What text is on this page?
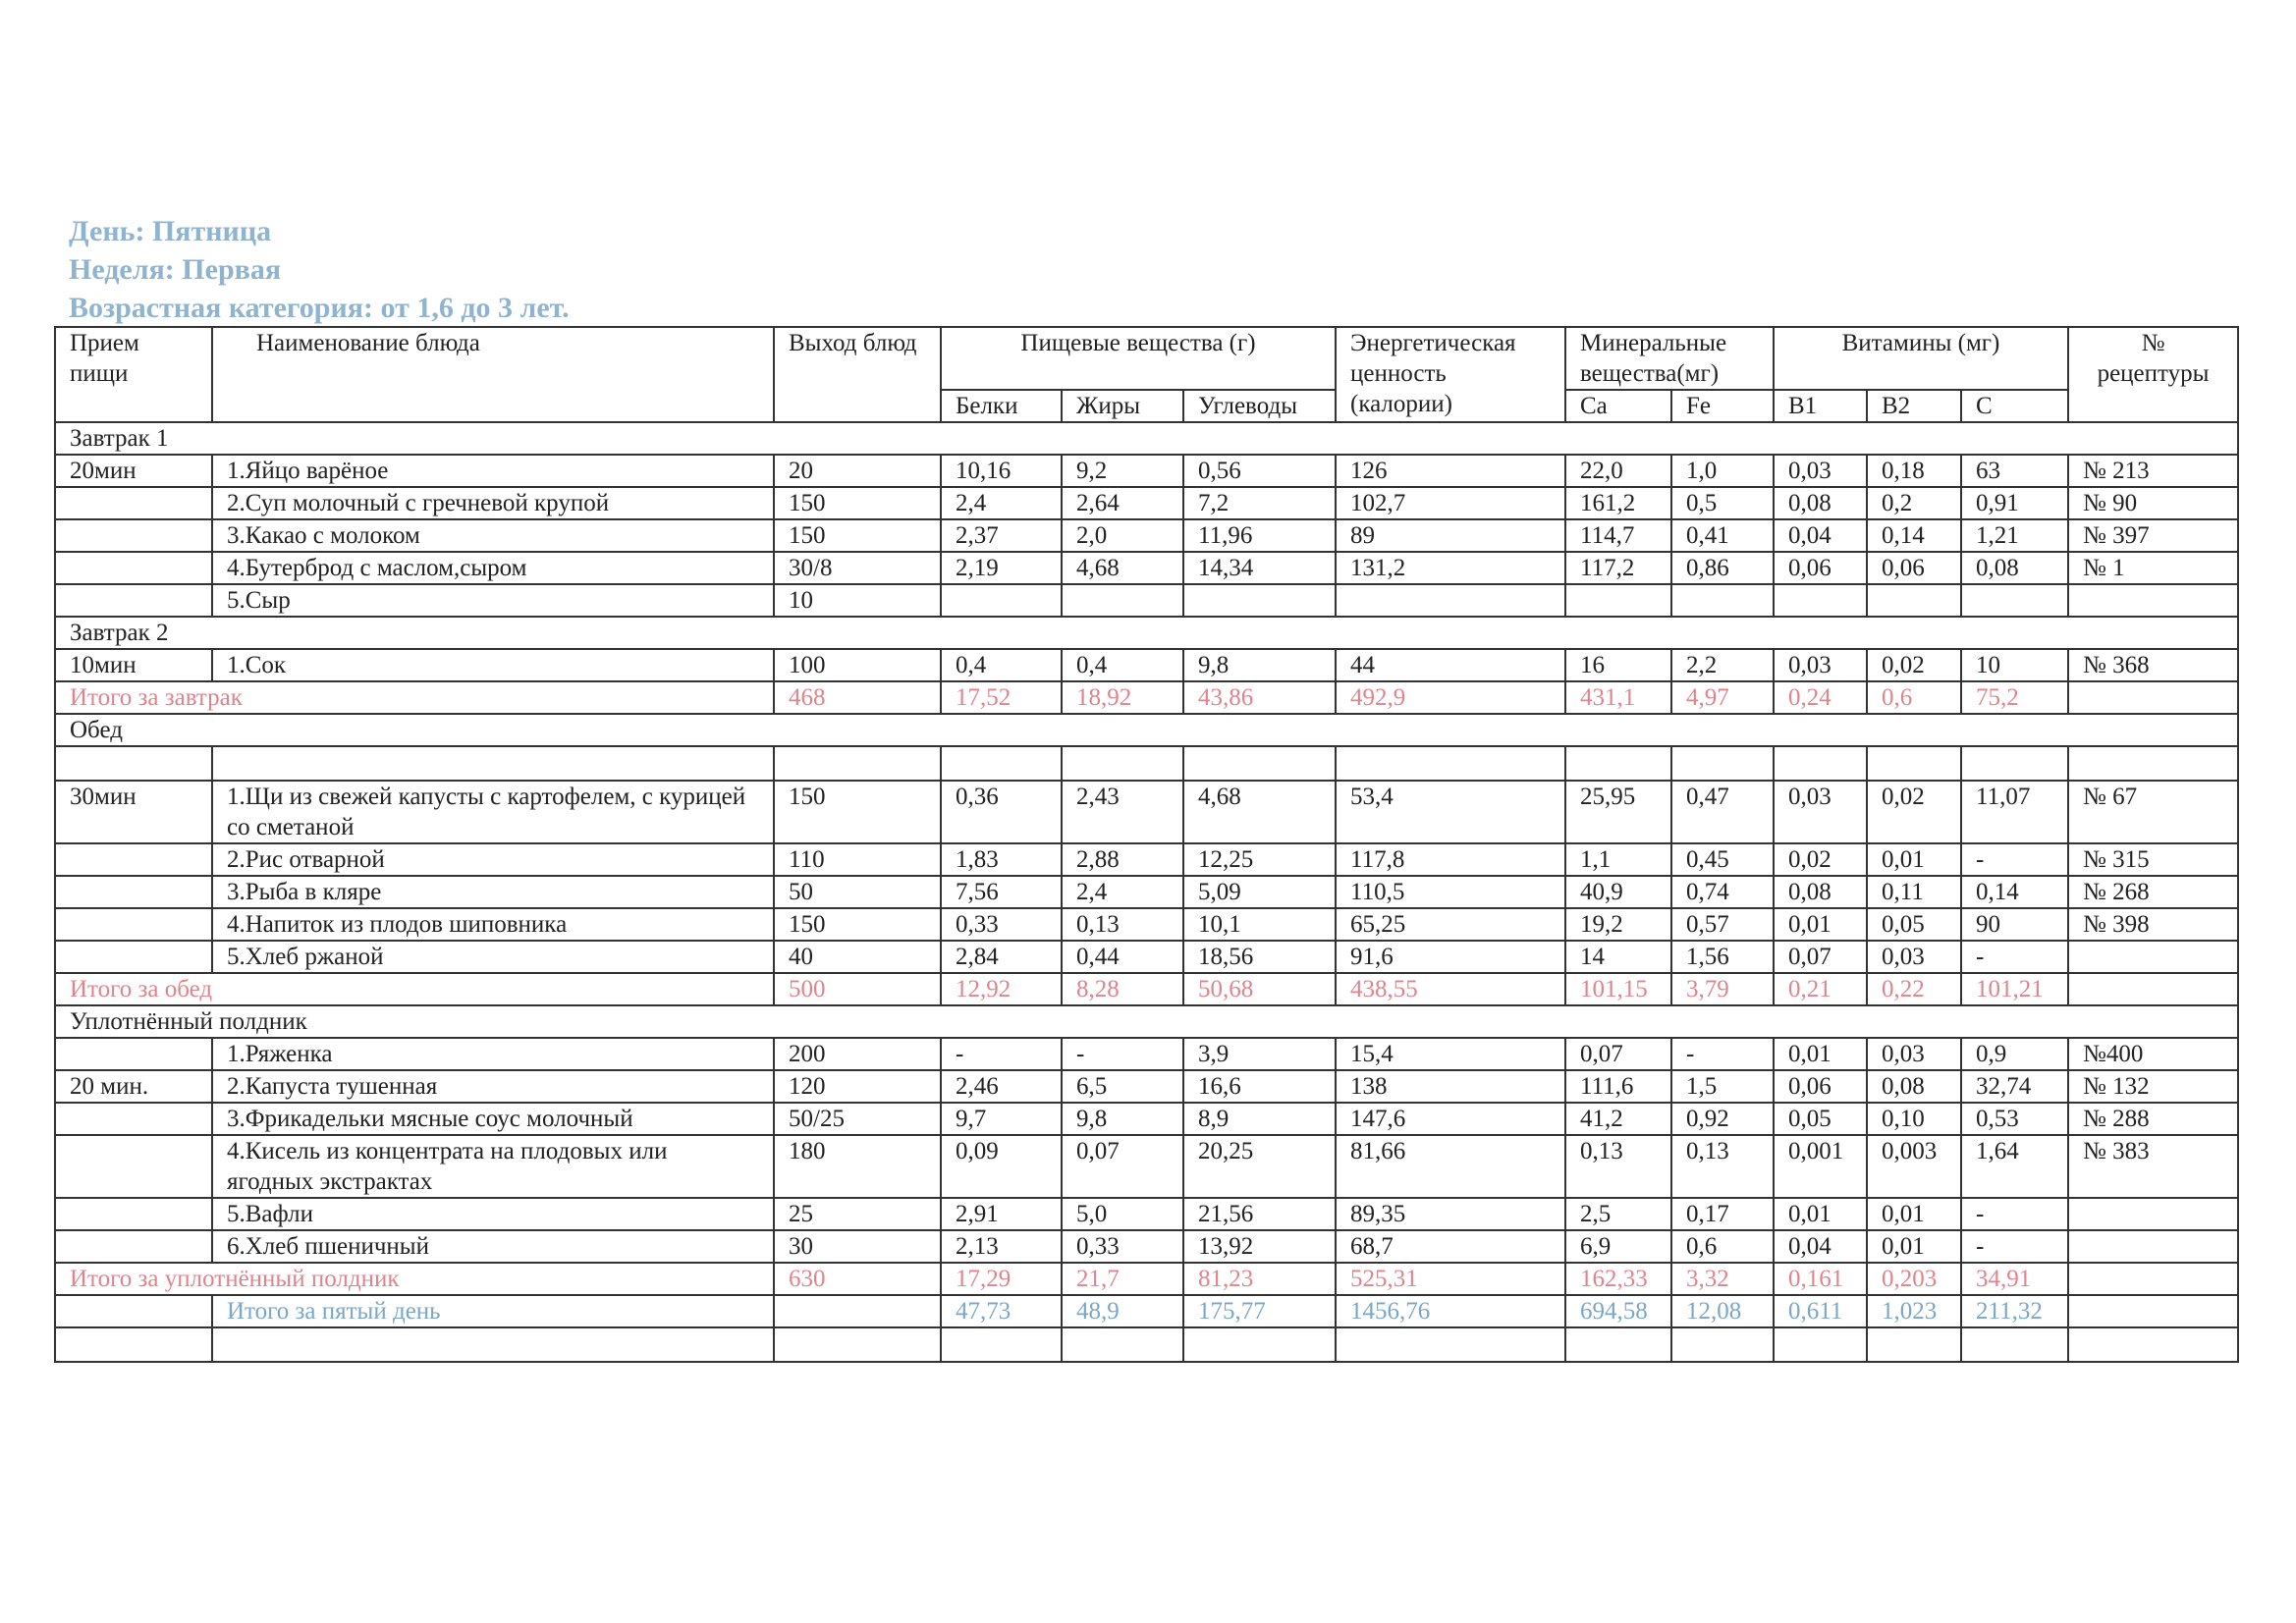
День: Пятница
Неделя: Первая
Возрастная категория: от 1,6 до 3 лет.
Прием пищи	Наименование блюда	Выход блюд	Пищевые вещества (г)			Энергетическая ценность (калории)	Минеральные вещества(мг)		Витамины (мг)			№ рецептуры
			Белки	Жиры	Углеводы		Ca	Fe	В1	В2	С	
Завтрак 1												
20мин	1.Яйцо варёное	20	10,16	9,2	0,56	126	22,0	1,0	0,03	0,18	63	№ 213
	2.Суп молочный с гречневой крупой	150	2,4	2,64	7,2	102,7	161,2	0,5	0,08	0,2	0,91	№ 90
	3.Какао с молоком	150	2,37	2,0	11,96	89	114,7	0,41	0,04	0,14	1,21	№ 397
	4.Бутерброд с маслом,сыром	30/8	2,19	4,68	14,34	131,2	117,2	0,86	0,06	0,06	0,08	№ 1
	5.Сыр	10										
Завтрак 2												
10мин	1.Сок	100	0,4	0,4	9,8	44	16	2,2	0,03	0,02	10	№ 368
Итого за завтрак		468	17,52	18,92	43,86	492,9	431,1	4,97	0,24	0,6	75,2	
Обед												

30мин	1.Щи из свежей капусты с картофелем, с курицей со сметаной	150	0,36	2,43	4,68	53,4	25,95	0,47	0,03	0,02	11,07	№ 67
	2.Рис отварной	110	1,83	2,88	12,25	117,8	1,1	0,45	0,02	0,01	-	№ 315
	3.Рыба в кляре	50	7,56	2,4	5,09	110,5	40,9	0,74	0,08	0,11	0,14	№ 268
	4.Напиток из плодов шиповника	150	0,33	0,13	10,1	65,25	19,2	0,57	0,01	0,05	90	№ 398
	5.Хлеб ржаной	40	2,84	0,44	18,56	91,6	14	1,56	0,07	0,03	-	
Итого за обед		500	12,92	8,28	50,68	438,55	101,15	3,79	0,21	0,22	101,21	
Уплотнённый полдник												
	1.Ряженка	200	-	-	3,9	15,4	0,07	-	0,01	0,03	0,9	№400
20 мин.	2.Капуста тушенная	120	2,46	6,5	16,6	138	111,6	1,5	0,06	0,08	32,74	№ 132
	3.Фрикадельки мясные соус молочный	50/25	9,7	9,8	8,9	147,6	41,2	0,92	0,05	0,10	0,53	№ 288
	4.Кисель из концентрата на плодовых или ягодных экстрактах	180	0,09	0,07	20,25	81,66	0,13	0,13	0,001	0,003	1,64	№ 383
	5.Вафли	25	2,91	5,0	21,56	89,35	2,5	0,17	0,01	0,01	-	
	6.Хлеб пшеничный	30	2,13	0,33	13,92	68,7	6,9	0,6	0,04	0,01	-	
Итого за уплотнённый полдник		630	17,29	21,7	81,23	525,31	162,33	3,32	0,161	0,203	34,91	
	Итого за пятый день		47,73	48,9	175,77	1456,76	694,58	12,08	0,611	1,023	211,32	
